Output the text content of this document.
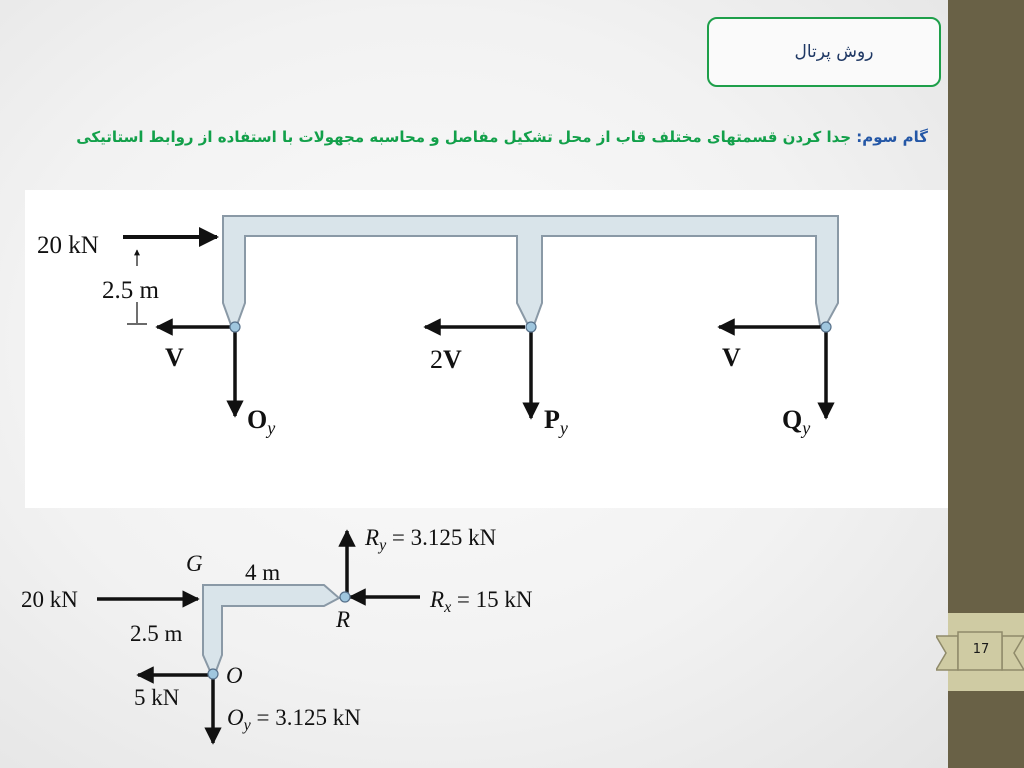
17
روش پرتال
گام سوم: جدا کردن قسمتهای مختلف قاب از محل تشکیل مفاصل و محاسبه مجهولات با استفاده از روابط استاتیکی
20 kN
2.5 m
V
$O_y$
2V
$P_y$
V
$Q_y$
20 kN
G 4 m
2.5 m
R
$R_y = 3.125$ kN
$R_x = 15$ kN
5 kN
O
$O_y = 3.125$ kN
